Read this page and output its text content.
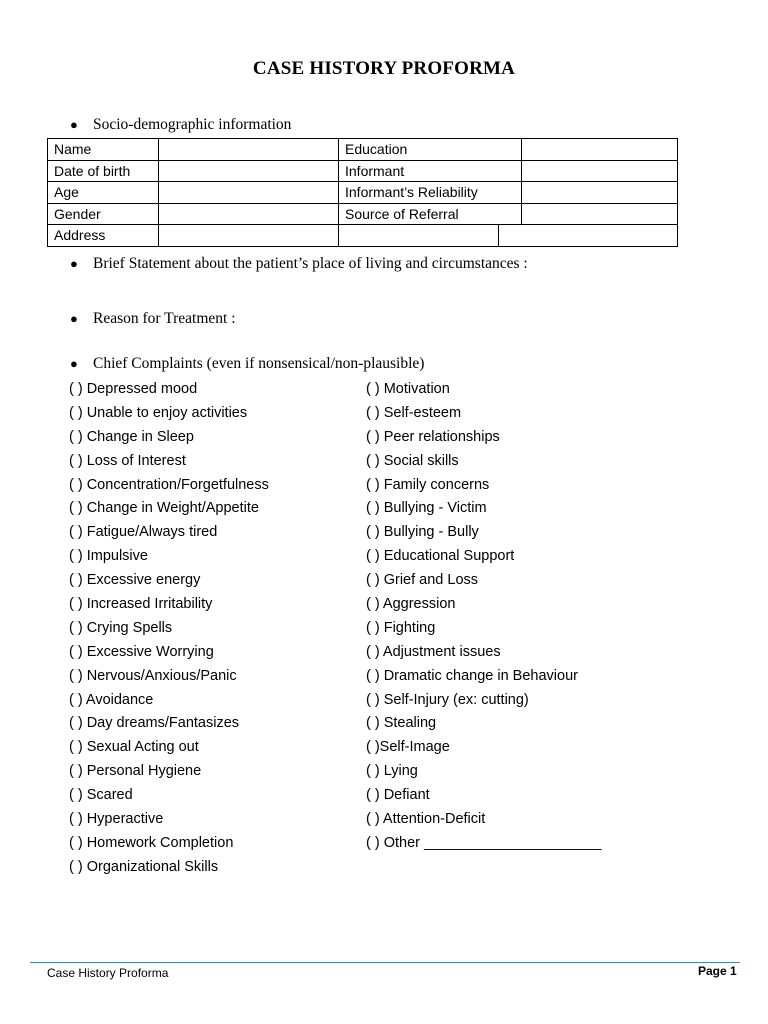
CASE HISTORY PROFORMA
● Socio-demographic information
Name		Education		
Date of birth		Informant		
Age		Informant’s Reliability		
Gender		Source of Referral		
Address				
● Brief Statement about the patient’s place of living and circumstances :
● Reason for Treatment :
● Chief Complaints (even if nonsensical/non-plausible)
( ) Depressed mood
( ) Unable to enjoy activities
( ) Change in Sleep
( ) Loss of Interest
( ) Concentration/Forgetfulness
( ) Change in Weight/Appetite
( ) Fatigue/Always tired
( ) Impulsive
( ) Excessive energy
( ) Increased Irritability
( ) Crying Spells
( ) Excessive Worrying
( ) Nervous/Anxious/Panic
( ) Avoidance
( ) Day dreams/Fantasizes
( ) Sexual Acting out
( ) Personal Hygiene
( ) Scared
( ) Hyperactive
( ) Homework Completion
( ) Organizational Skills
( ) Motivation
( ) Self-esteem
( ) Peer relationships
( ) Social skills
( ) Family concerns
( ) Bullying - Victim
( ) Bullying - Bully
( ) Educational Support
( ) Grief and Loss
( ) Aggression
( ) Fighting
( ) Adjustment issues
( ) Dramatic change in Behaviour
( ) Self-Injury (ex: cutting)
( ) Stealing
( )Self-Image
( ) Lying
( ) Defiant
( ) Attention-Deficit
( ) Other ______________________
Case History Proforma	Page 1
